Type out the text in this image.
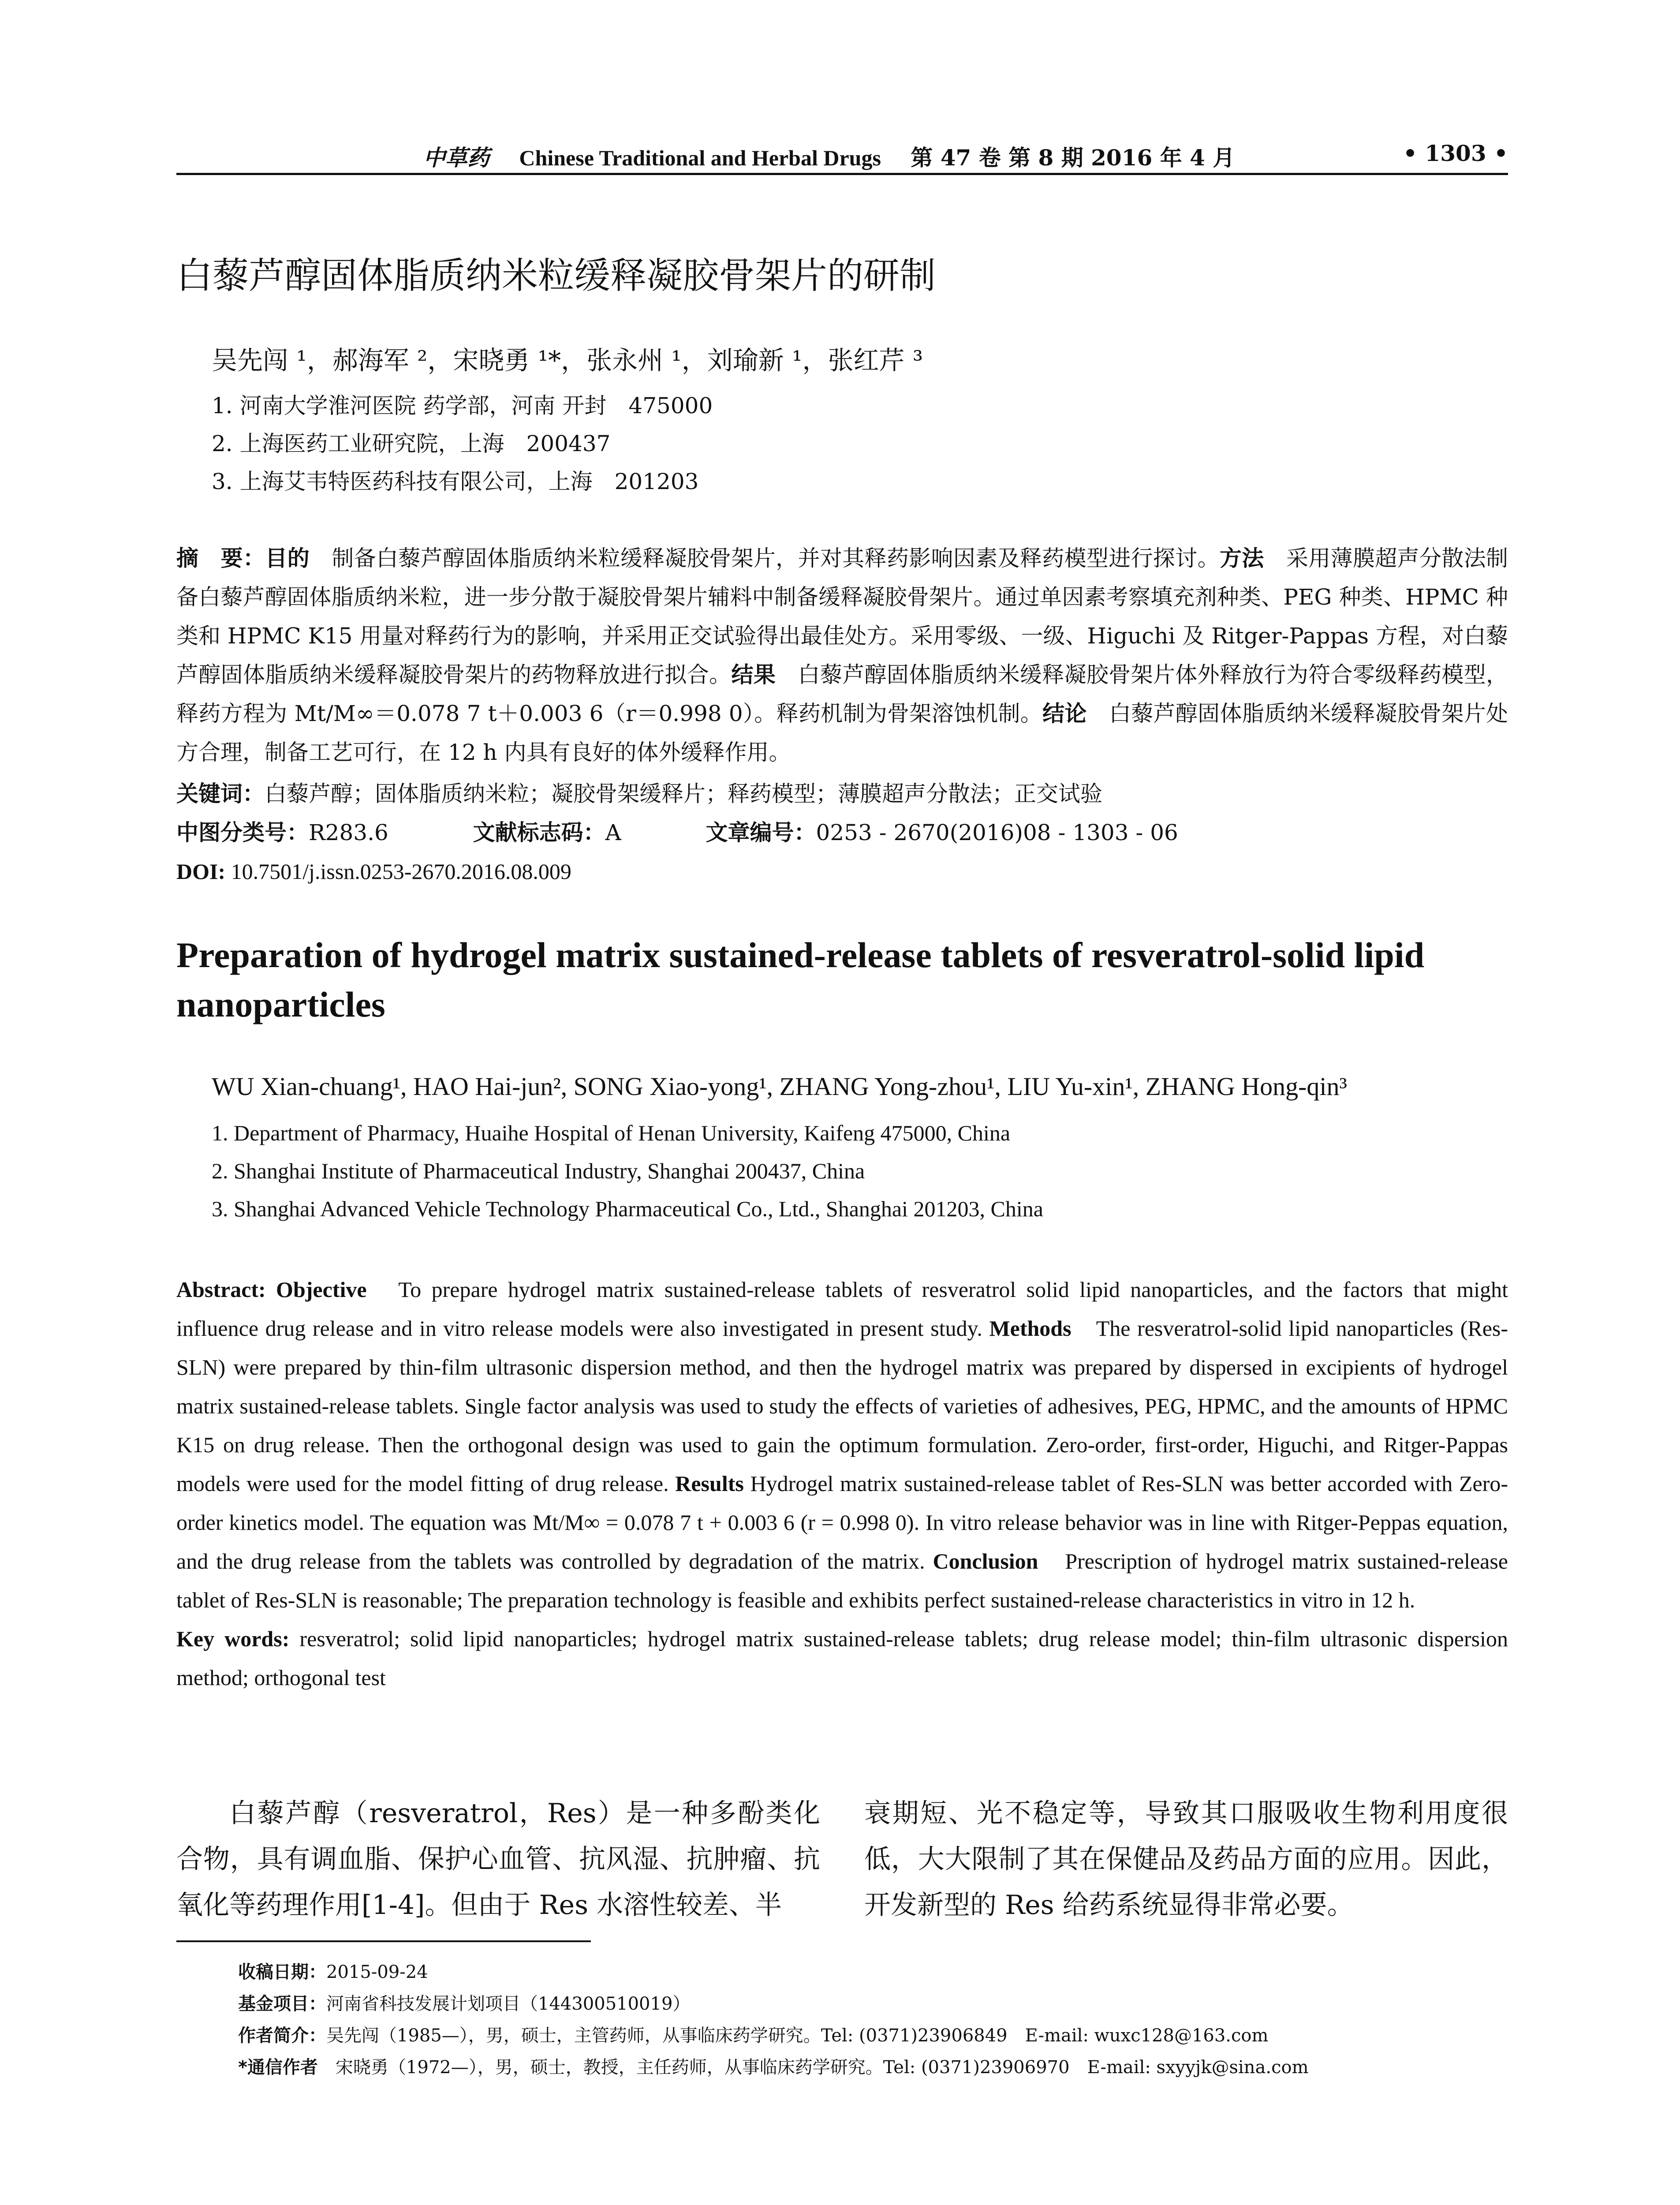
中草药　 Chinese Traditional and Herbal Drugs　 第 47 卷 第 8 期 2016 年 4 月	• 1303 •
白藜芦醇固体脂质纳米粒缓释凝胶骨架片的研制
吴先闯 ¹，郝海军 ²，宋晓勇 ¹*，张永州 ¹，刘瑜新 ¹，张红芹 ³
1. 河南大学淮河医院 药学部，河南 开封　475000
2. 上海医药工业研究院，上海　200437
3. 上海艾韦特医药科技有限公司，上海　201203
摘　要：目的　 制备白藜芦醇固体脂质纳米粒缓释凝胶骨架片，并对其释药影响因素及释药模型进行探讨。方法　 采用薄膜超声分散法制备白藜芦醇固体脂质纳米粒，进一步分散于凝胶骨架片辅料中制备缓释凝胶骨架片。通过单因素考察填充剂种类、PEG 种类、HPMC 种类和 HPMC K15 用量对释药行为的影响，并采用正交试验得出最佳处方。采用零级、一级、Higuchi 及 Ritger-Pappas 方程，对白藜芦醇固体脂质纳米缓释凝胶骨架片的药物释放进行拟合。结果　 白藜芦醇固体脂质纳米缓释凝胶骨架片体外释放行为符合零级释药模型，释药方程为 Mt/M∞＝0.078 7 t＋0.003 6（r＝0.998 0）。释药机制为骨架溶蚀机制。结论　 白藜芦醇固体脂质纳米缓释凝胶骨架片处方合理，制备工艺可行，在 12 h 内具有良好的体外缓释作用。
关键词：白藜芦醇；固体脂质纳米粒；凝胶骨架缓释片；释药模型；薄膜超声分散法；正交试验
中图分类号：R283.6	文献标志码：A	文章编号：0253 - 2670(2016)08 - 1303 - 06
DOI: 10.7501/j.issn.0253-2670.2016.08.009
Preparation of hydrogel matrix sustained-release tablets of resveratrol-solid lipid nanoparticles
WU Xian-chuang¹, HAO Hai-jun², SONG Xiao-yong¹, ZHANG Yong-zhou¹, LIU Yu-xin¹, ZHANG Hong-qin³
1. Department of Pharmacy, Huaihe Hospital of Henan University, Kaifeng 475000, China
2. Shanghai Institute of Pharmaceutical Industry, Shanghai 200437, China
3. Shanghai Advanced Vehicle Technology Pharmaceutical Co., Ltd., Shanghai 201203, China
Abstract: Objective　 To prepare hydrogel matrix sustained-release tablets of resveratrol solid lipid nanoparticles, and the factors that might influence drug release and in vitro release models were also investigated in present study. Methods　 The resveratrol-solid lipid nanoparticles (Res-SLN) were prepared by thin-film ultrasonic dispersion method, and then the hydrogel matrix was prepared by dispersed in excipients of hydrogel matrix sustained-release tablets. Single factor analysis was used to study the effects of varieties of adhesives, PEG, HPMC, and the amounts of HPMC K15 on drug release. Then the orthogonal design was used to gain the optimum formulation. Zero-order, first-order, Higuchi, and Ritger-Pappas models were used for the model fitting of drug release. Results Hydrogel matrix sustained-release tablet of Res-SLN was better accorded with Zero-order kinetics model. The equation was Mt/M∞ = 0.078 7 t + 0.003 6 (r = 0.998 0). In vitro release behavior was in line with Ritger-Peppas equation, and the drug release from the tablets was controlled by degradation of the matrix. Conclusion　 Prescription of hydrogel matrix sustained-release tablet of Res-SLN is reasonable; The preparation technology is feasible and exhibits perfect sustained-release characteristics in vitro in 12 h.
Key words: resveratrol; solid lipid nanoparticles; hydrogel matrix sustained-release tablets; drug release model; thin-film ultrasonic dispersion method; orthogonal test
白藜芦醇（resveratrol，Res）是一种多酚类化合物，具有调血脂、保护心血管、抗风湿、抗肿瘤、抗氧化等药理作用[1-4]。但由于 Res 水溶性较差、半
衰期短、光不稳定等，导致其口服吸收生物利用度很低，大大限制了其在保健品及药品方面的应用。因此，开发新型的 Res 给药系统显得非常必要。
收稿日期：2015-09-24
基金项目：河南省科技发展计划项目（144300510019）
作者简介：吴先闯（1985—），男，硕士，主管药师，从事临床药学研究。Tel: (0371)23906849　E-mail: wuxc128@163.com
*通信作者　 宋晓勇（1972—），男，硕士，教授，主任药师，从事临床药学研究。Tel: (0371)23906970　E-mail: sxyyjk@sina.com
